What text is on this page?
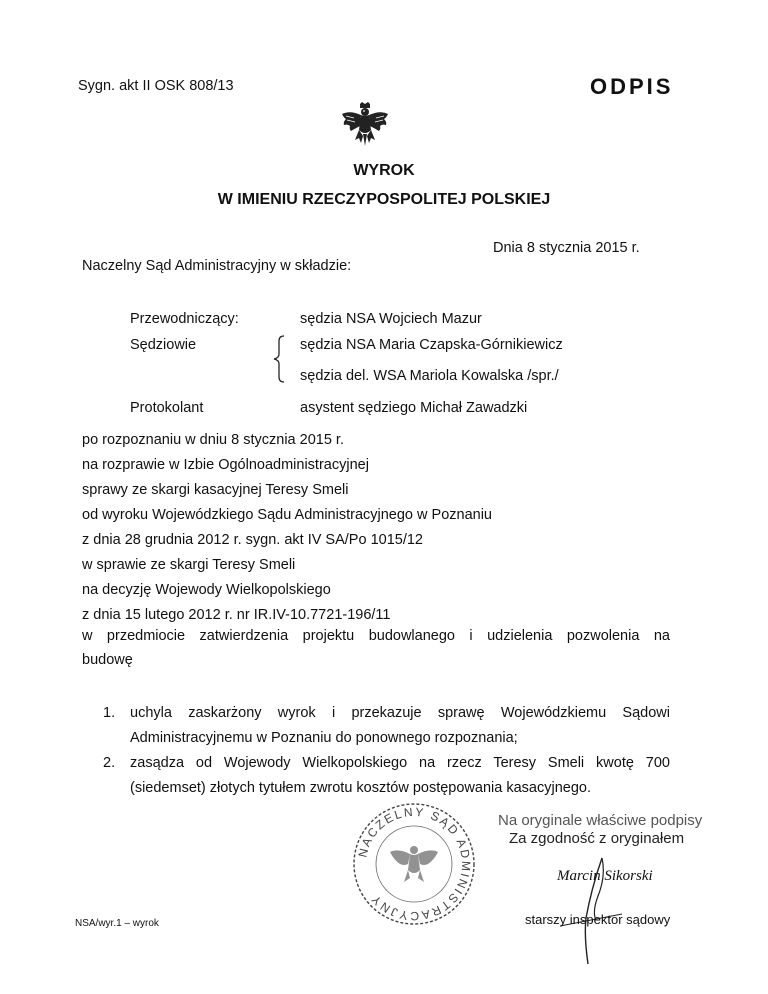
Sygn. akt II OSK 808/13	ODPIS
WYROK
W IMIENIU RZECZYPOSPOLITEJ POLSKIEJ
Dnia 8 stycznia 2015 r.
Naczelny Sąd Administracyjny w składzie:
Przewodniczący:	sędzia NSA Wojciech Mazur
Sędziowie	sędzia NSA Maria Czapska-Górnikiewicz
sędzia del. WSA Mariola Kowalska /spr./
Protokolant	asystent sędziego Michał Zawadzki
po rozpoznaniu w dniu 8 stycznia 2015 r.
na rozprawie w Izbie Ogólnoadministracyjnej
sprawy ze skargi kasacyjnej Teresy Smeli
od wyroku Wojewódzkiego Sądu Administracyjnego w Poznaniu
z dnia 28 grudnia 2012 r. sygn. akt IV SA/Po 1015/12
w sprawie ze skargi Teresy Smeli
na decyzję Wojewody Wielkopolskiego
z dnia 15 lutego 2012 r. nr IR.IV-10.7721-196/11
w przedmiocie zatwierdzenia projektu budowlanego i udzielenia pozwolenia na
budowę
1. uchyla zaskarżony wyrok i przekazuje sprawę Wojewódzkiemu Sądowi
Administracyjnemu w Poznaniu do ponownego rozpoznania;
2. zasądza od Wojewody Wielkopolskiego na rzecz Teresy Smeli kwotę 700
(siedemset) złotych tytułem zwrotu kosztów postępowania kasacyjnego.
NACZELNY SĄD ADMINISTRACYJNY
Na oryginale właściwe podpisy
Za zgodność z oryginałem
Marcin Sikorski
starszy inspektor sądowy
NSA/wyr.1 – wyrok
